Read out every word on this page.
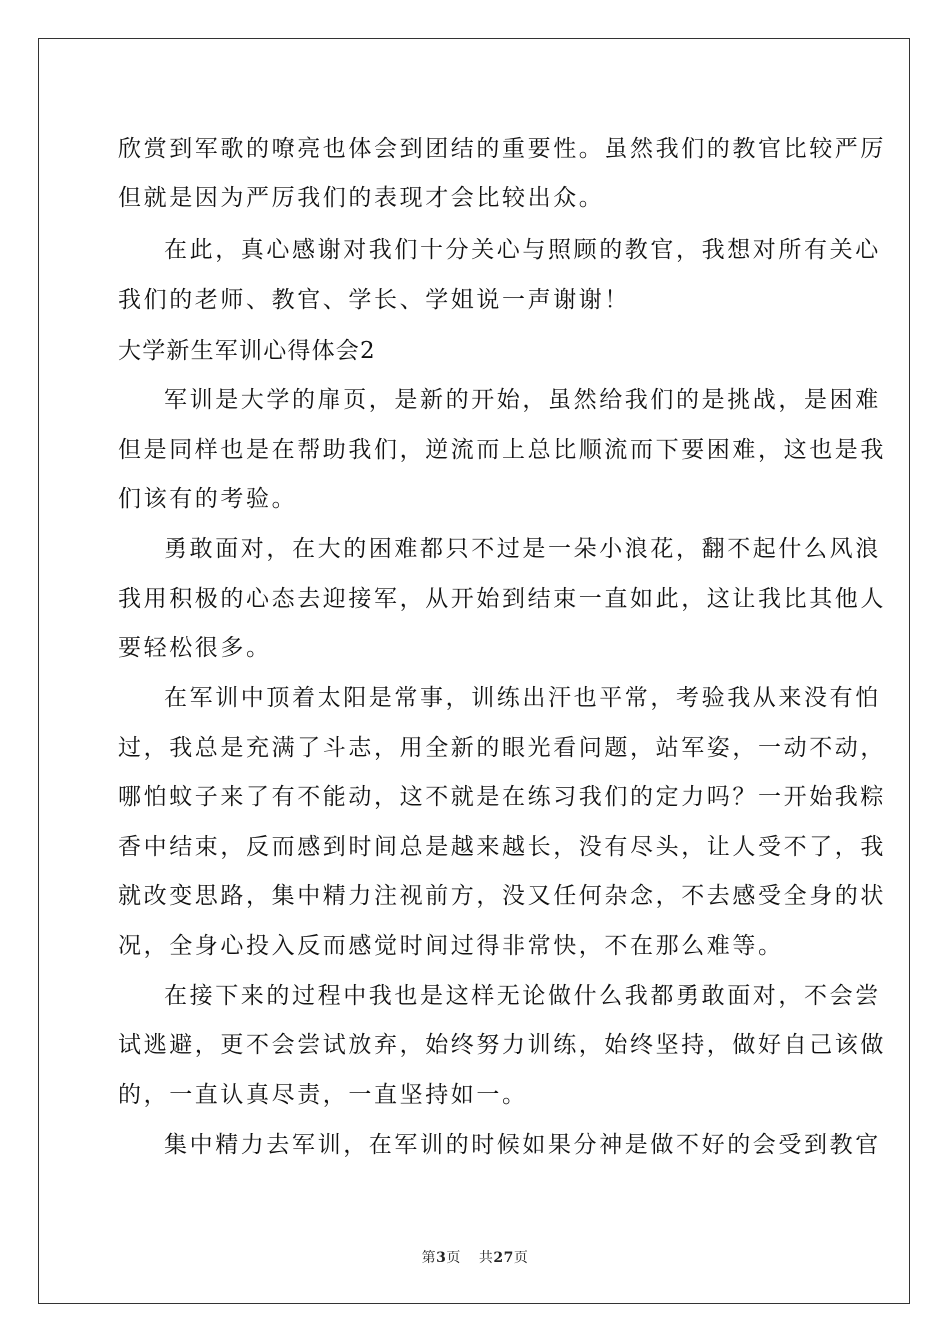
欣赏到军歌的嘹亮也体会到团结的重要性。虽然我们的教官比较严厉
但就是因为严厉我们的表现才会比较出众。
在此，真心感谢对我们十分关心与照顾的教官，我想对所有关心
我们的老师、教官、学长、学姐说一声谢谢！
大学新生军训心得体会2
军训是大学的扉页，是新的开始，虽然给我们的是挑战，是困难
但是同样也是在帮助我们，逆流而上总比顺流而下要困难，这也是我
们该有的考验。
勇敢面对，在大的困难都只不过是一朵小浪花，翻不起什么风浪
我用积极的心态去迎接军，从开始到结束一直如此，这让我比其他人
要轻松很多。
在军训中顶着太阳是常事，训练出汗也平常，考验我从来没有怕
过，我总是充满了斗志，用全新的眼光看问题，站军姿，一动不动，
哪怕蚊子来了有不能动，这不就是在练习我们的定力吗？一开始我粽
香中结束，反而感到时间总是越来越长，没有尽头，让人受不了，我
就改变思路，集中精力注视前方，没又任何杂念，不去感受全身的状
况，全身心投入反而感觉时间过得非常快，不在那么难等。
在接下来的过程中我也是这样无论做什么我都勇敢面对，不会尝
试逃避，更不会尝试放弃，始终努力训练，始终坚持，做好自己该做
的，一直认真尽责，一直坚持如一。
集中精力去军训，在军训的时候如果分神是做不好的会受到教官
第3页 共27页
